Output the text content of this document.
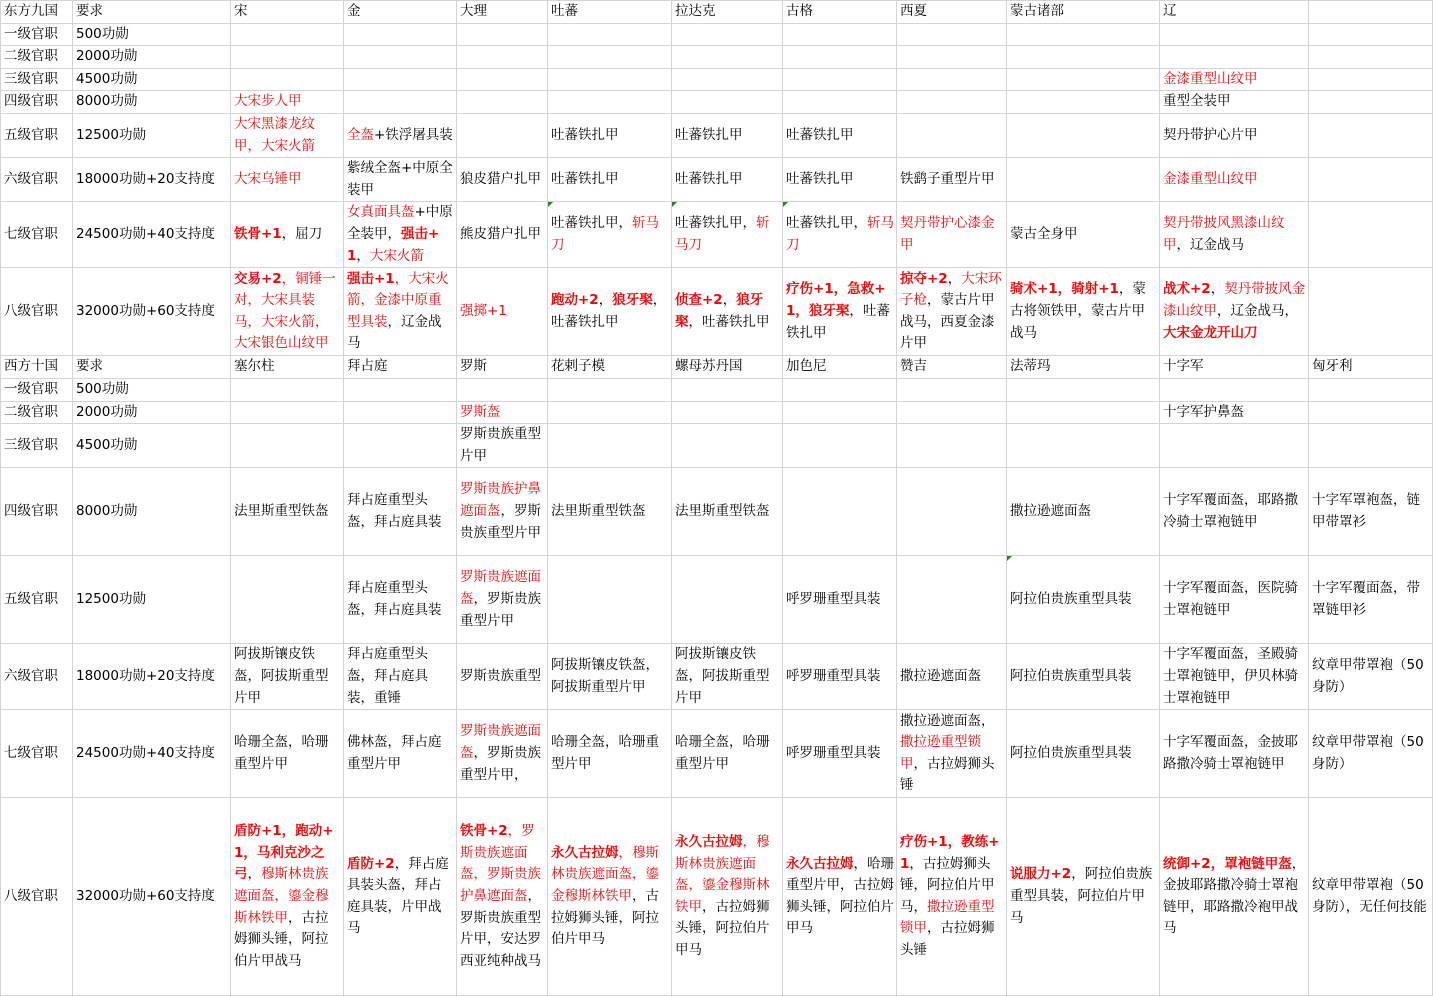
东方九国	要求	宋	金	大理	吐蕃	拉达克	古格	西夏	蒙古诸部	辽	
一级官职	500功勋										
二级官职	2000功勋										
三级官职	4500功勋									金漆重型山纹甲	
四级官职	8000功勋	大宋步人甲								重型全装甲	
五级官职	12500功勋	大宋黑漆龙纹甲，大宋火箭	全盔+铁浮屠具装		吐蕃铁扎甲	吐蕃铁扎甲	吐蕃铁扎甲			契丹带护心片甲	
六级官职	18000功勋+20支持度	大宋乌锤甲	紫绒全盔+中原全装甲	狼皮猎户扎甲	吐蕃铁扎甲	吐蕃铁扎甲	吐蕃铁扎甲	铁鹞子重型片甲		金漆重型山纹甲	
七级官职	24500功勋+40支持度	铁骨+1，屈刀	女真面具盔+中原全装甲，强击+1，大宋火箭	熊皮猎户扎甲	吐蕃铁扎甲，斩马刀	吐蕃铁扎甲，斩马刀	吐蕃铁扎甲，斩马刀	契丹带护心漆金甲	蒙古全身甲	契丹带披风黑漆山纹甲，辽金战马	
八级官职	32000功勋+60支持度	交易+2，铜锤一对，大宋具装马，大宋火箭，大宋银色山纹甲	强击+1，大宋火箭，金漆中原重型具装，辽金战马	强掷+1	跑动+2，狼牙棸，吐蕃铁扎甲	侦查+2，狼牙棸，吐蕃铁扎甲	疗伤+1，急救+1，狼牙棸，吐蕃铁扎甲	掠夺+2，大宋环子枪，蒙古片甲战马，西夏金漆片甲	骑术+1，骑射+1，蒙古将领铁甲，蒙古片甲战马	战术+2，契丹带披风金漆山纹甲，辽金战马，大宋金龙开山刀	
西方十国	要求	塞尔柱	拜占庭	罗斯	花剌子模	螺母苏丹国	加色尼	赞吉	法蒂玛	十字军	匈牙利
一级官职	500功勋										
二级官职	2000功勋			罗斯盔						十字军护鼻盔	
三级官职	4500功勋			罗斯贵族重型片甲							
四级官职	8000功勋	法里斯重型铁盔	拜占庭重型头盔，拜占庭具装	罗斯贵族护鼻遮面盔，罗斯贵族重型片甲	法里斯重型铁盔	法里斯重型铁盔			撒拉逊遮面盔	十字军覆面盔，耶路撒冷骑士罩袍链甲	十字军罩袍盔，链甲带罩衫
五级官职	12500功勋		拜占庭重型头盔，拜占庭具装	罗斯贵族遮面盔，罗斯贵族重型片甲			呼罗珊重型具装		阿拉伯贵族重型具装	十字军覆面盔，医院骑士罩袍链甲	十字军覆面盔，带罩链甲衫
六级官职	18000功勋+20支持度	阿拔斯镶皮铁盔，阿拔斯重型片甲	拜占庭重型头盔，拜占庭具装，重锤	罗斯贵族重型	阿拔斯镶皮铁盔，阿拔斯重型片甲	阿拔斯镶皮铁盔，阿拔斯重型片甲	呼罗珊重型具装	撒拉逊遮面盔	阿拉伯贵族重型具装	十字军覆面盔，圣殿骑士罩袍链甲，伊贝林骑士罩袍链甲	纹章甲带罩袍（50身防）
七级官职	24500功勋+40支持度	哈珊全盔，哈珊重型片甲	佛林盔，拜占庭重型片甲	罗斯贵族遮面盔，罗斯贵族重型片甲，	哈珊全盔，哈珊重型片甲	哈珊全盔，哈珊重型片甲	呼罗珊重型具装	撒拉逊遮面盔，撒拉逊重型锁甲，古拉姆狮头锤	阿拉伯贵族重型具装	十字军覆面盔，金披耶路撒冷骑士罩袍链甲	纹章甲带罩袍（50身防）
八级官职	32000功勋+60支持度	盾防+1，跑动+1，马利克沙之弓，穆斯林贵族遮面盔，鎏金穆斯林铁甲，古拉姆狮头锤，阿拉伯片甲战马	盾防+2，拜占庭具装头盔，拜占庭具装，片甲战马	铁骨+2，罗斯贵族遮面盔，罗斯贵族护鼻遮面盔，罗斯贵族重型片甲，安达罗西亚纯种战马	永久古拉姆，穆斯林贵族遮面盔，鎏金穆斯林铁甲，古拉姆狮头锤，阿拉伯片甲马	永久古拉姆，穆斯林贵族遮面盔，鎏金穆斯林铁甲，古拉姆狮头锤，阿拉伯片甲马	永久古拉姆，哈珊重型片甲，古拉姆狮头锤，阿拉伯片甲马	疗伤+1，教练+1，古拉姆狮头锤，阿拉伯片甲马，撒拉逊重型锁甲，古拉姆狮头锤	说服力+2，阿拉伯贵族重型具装，阿拉伯片甲马	统御+2，罩袍链甲盔，金披耶路撒冷骑士罩袍链甲，耶路撒冷袍甲战马	纹章甲带罩袍（50身防），无任何技能
